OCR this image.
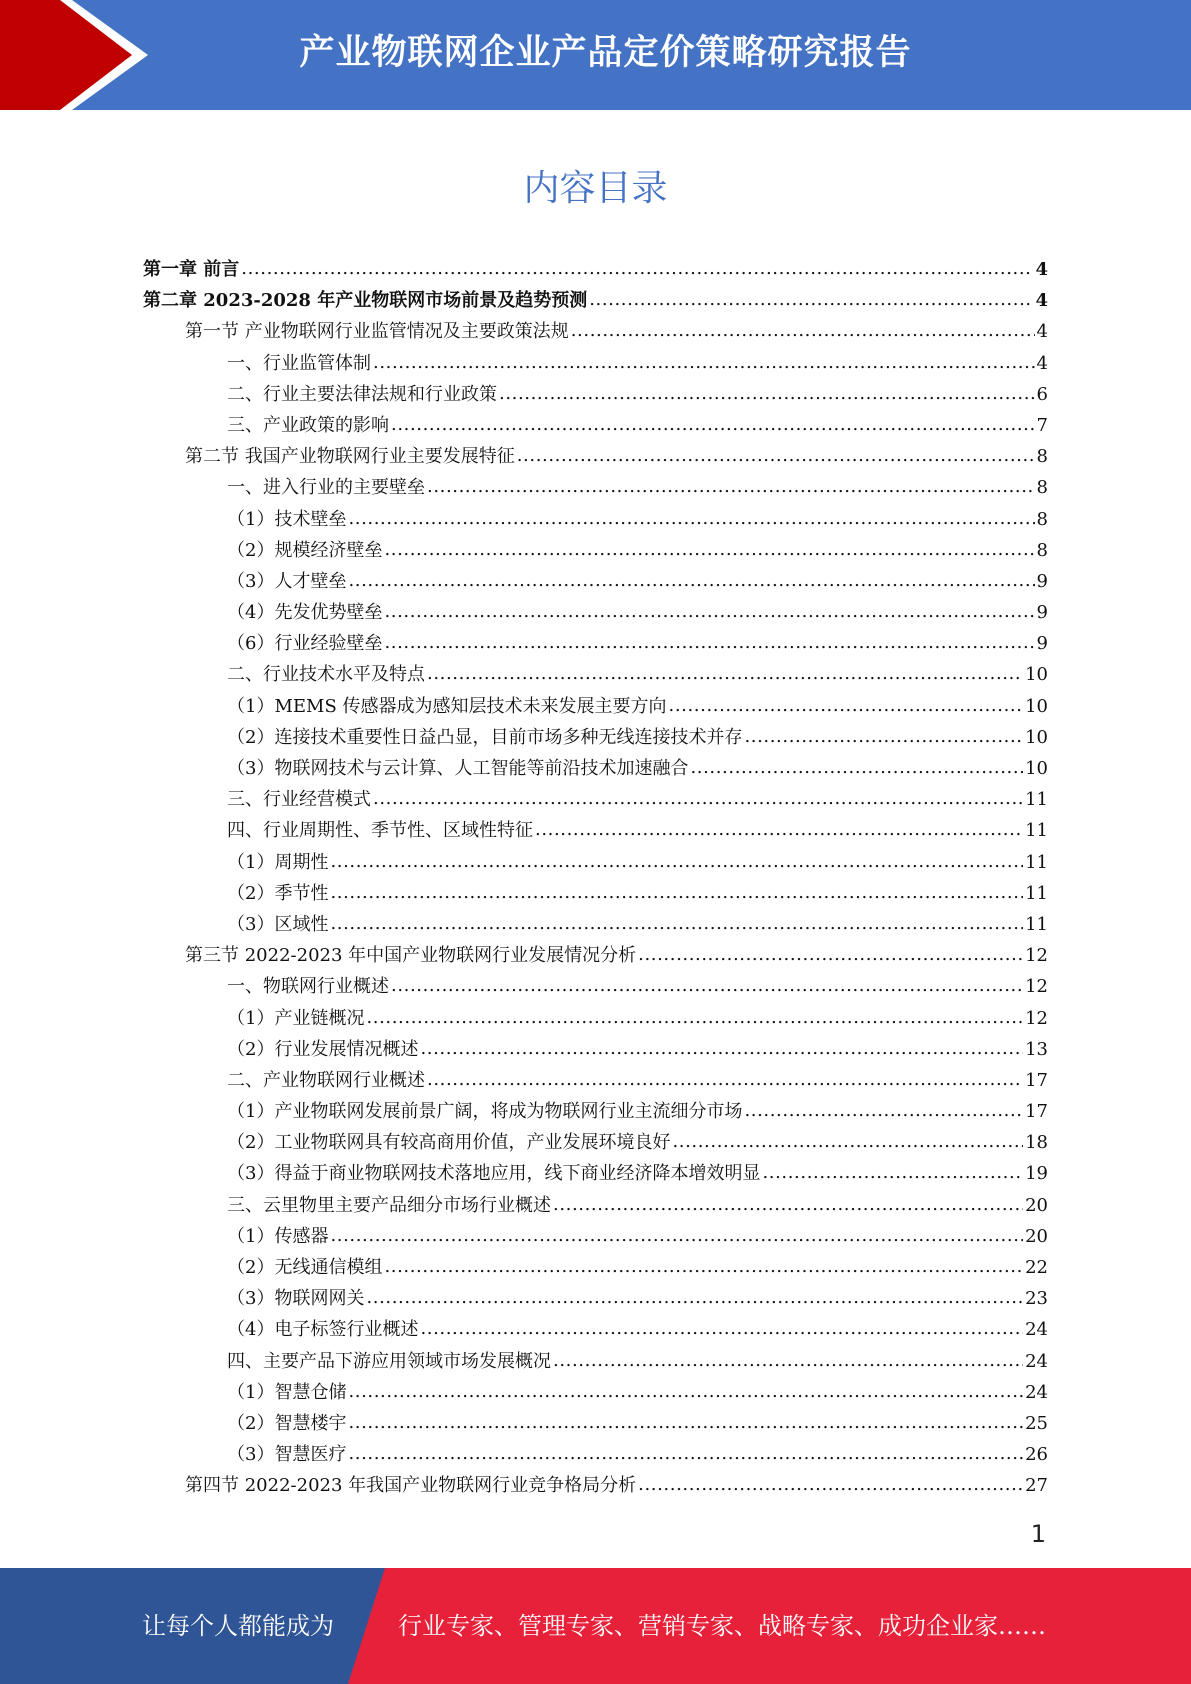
产业物联网企业产品定价策略研究报告
内容目录
第一章 前言 .....	4
第二章 2023-2028 年产业物联网市场前景及趋势预测 .....	4
第一节 产业物联网行业监管情况及主要政策法规 .....	4
一、行业监管体制 .....	4
二、行业主要法律法规和行业政策 .....	6
三、产业政策的影响 .....	7
第二节 我国产业物联网行业主要发展特征 .....	8
一、进入行业的主要壁垒 .....	8
（1）技术壁垒 .....	8
（2）规模经济壁垒 .....	8
（3）人才壁垒 .....	9
（4）先发优势壁垒 .....	9
（6）行业经验壁垒 .....	9
二、行业技术水平及特点 .....	10
（1）MEMS 传感器成为感知层技术未来发展主要方向 .....	10
（2）连接技术重要性日益凸显，目前市场多种无线连接技术并存 .....	10
（3）物联网技术与云计算、人工智能等前沿技术加速融合 .....	10
三、行业经营模式 .....	11
四、行业周期性、季节性、区域性特征 .....	11
（1）周期性 .....	11
（2）季节性 .....	11
（3）区域性 .....	11
第三节 2022-2023 年中国产业物联网行业发展情况分析 .....	12
一、物联网行业概述 .....	12
（1）产业链概况 .....	12
（2）行业发展情况概述 .....	13
二、产业物联网行业概述 .....	17
（1）产业物联网发展前景广阔，将成为物联网行业主流细分市场 .....	17
（2）工业物联网具有较高商用价值，产业发展环境良好 .....	18
（3）得益于商业物联网技术落地应用，线下商业经济降本增效明显 .....	19
三、云里物里主要产品细分市场行业概述 .....	20
（1）传感器 .....	20
（2）无线通信模组 .....	22
（3）物联网网关 .....	23
（4）电子标签行业概述 .....	24
四、主要产品下游应用领域市场发展概况 .....	24
（1）智慧仓储 .....	24
（2）智慧楼宇 .....	25
（3）智慧医疗 .....	26
第四节 2022-2023 年我国产业物联网行业竞争格局分析 .....	27
1
让每个人都能成为	行业专家、管理专家、营销专家、战略专家、成功企业家……
